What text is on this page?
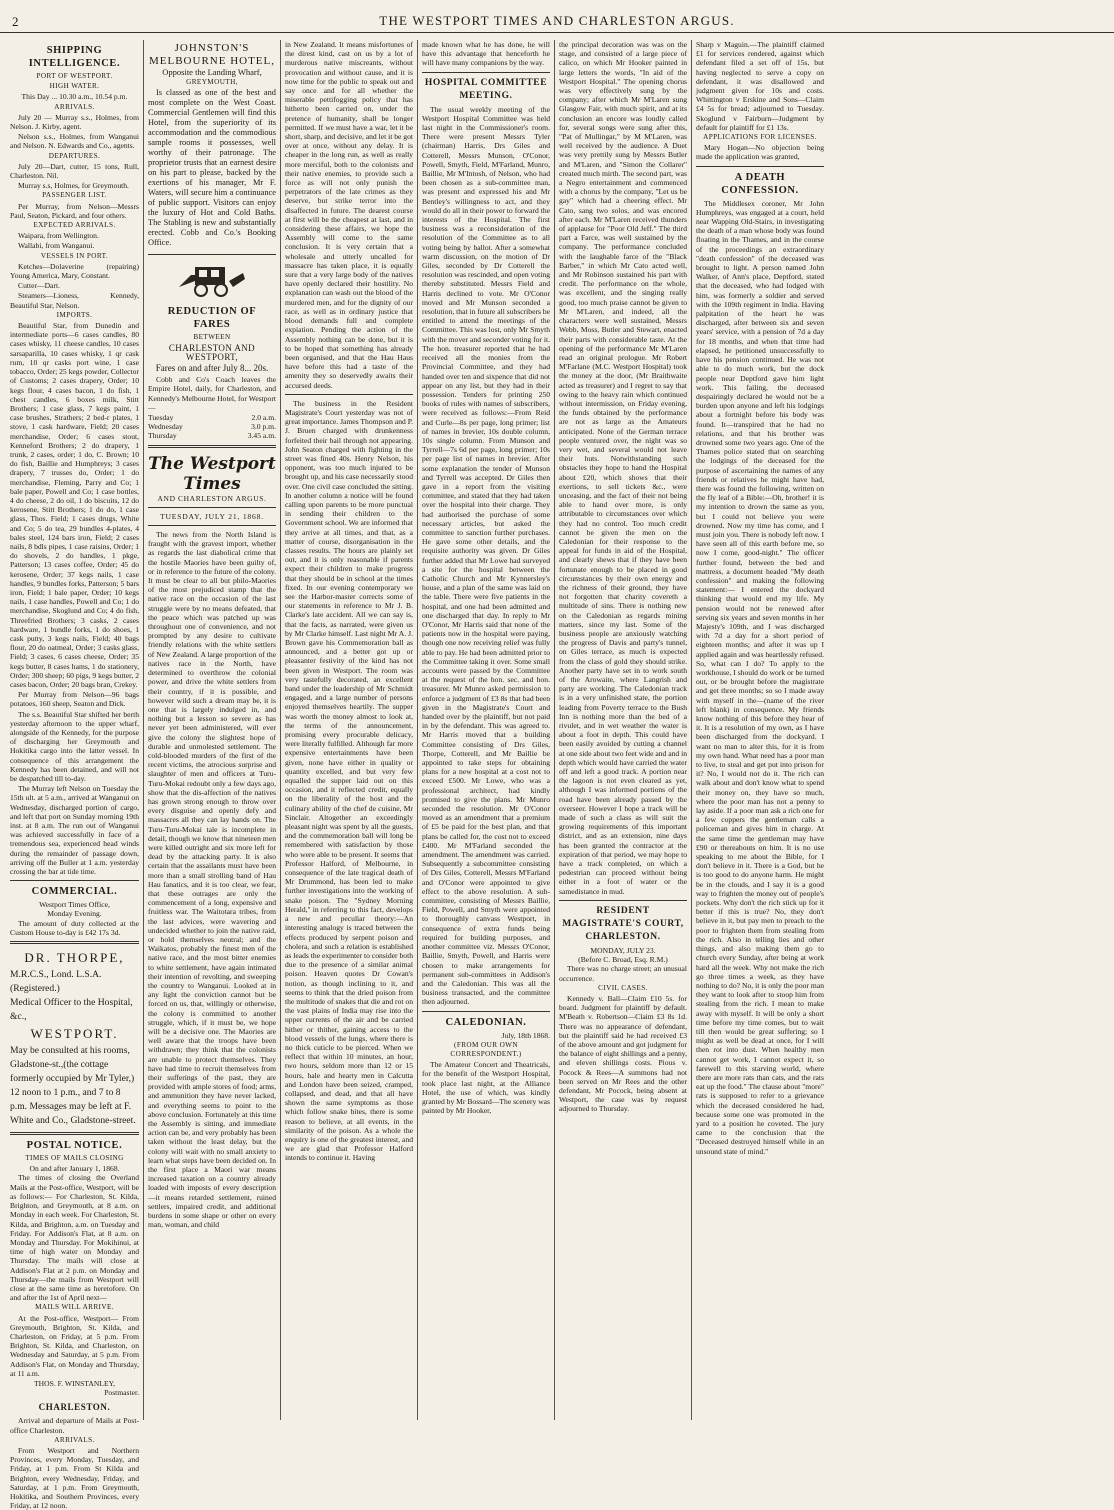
2	THE WESTPORT TIMES AND CHARLESTON ARGUS.
SHIPPING INTELLIGENCE.
PORT OF WESTPORT.
HIGH WATER.
This Day ... 10.30 a.m., 10.54 p.m.
ARRIVALS.

July 20 — Murray s.s., Holmes, from Nelson. J. Kirby, agent.

Nelson s.s., Holmes, from Wanganui and Nelson. N. Edwards and Co., agents.

DEPARTURES.

July 20—Dart, cutter, 15 tons, Rull, Charleston. Nil.

Murray s.s, Holmes, for Greymouth.

PASSENGER LIST.

Per Murray, from Nelson—Messrs Paul, Seaton, Pickard, and four others.

EXPECTED ARRIVALS.

Waipara, from Wellington.

Wallabi, from Wanganui.

VESSELS IN PORT.

Ketches—Dolaverine (repairing) Young America, Mary, Constant.

Cutter—Dart.

Steamers—Lioness, Kennedy, Beautiful Star, Nelson.

IMPORTS.

Beautiful Star, from Dunedin and intermediate ports—6 cases candles, 80 cases whisky, 11 cheese candles, 10 cases sarsaparilla, 10 cases whisky, 1 qr cask rum, 10 qr casks port wine, 1 case tobacco, Order; 25 kegs powder, Collector of Customs; 2 cases drapery, Order; 10 kegs flour, 4 cases bacon, 1 do fish, 1 chest candles, 6 boxes milk, Stitt Brothers; 1 case glass, 7 kegs paint, 1 case brushes, Strathers; 2 bed-r plates, 1 stove, 1 cask hardware, Field; 20 cases merchandise, Order; 6 cases stout, Kenneford Brothers; 2 do drapery, 1 trunk, 2 cases, order; 1 do, C. Brown; 10 do fish, Baillie and Humphreys; 3 cases drapery, 7 trusses do, Order; 1 do merchandise, Fleming, Parry and Co; 1 bale paper, Powell and Co; 1 case bottles, 4 do cheese, 2 do oil, 1 do biscuits, 12 do kerosene, Stitt Brothers; 1 do do, 1 case glass, Thos. Field; 1 cases drugs, White and Co; 5 do tea, 29 bundles 4-plates, 4 bales steel, 124 bars iron, Field; 2 cases nails, 8 bdls pipes, 1 case raisins, Order; 1 do shovels, 2 do handles, 1 pkge, Patterson; 13 cases coffee, Order; 45 do kerosene, Order; 37 kegs nails, 1 case handles, 9 bundles forks, Patterson; 5 bars iron, Field; 1 bale paper, Order; 10 kegs nails, 1 case handles, Powell and Co; 1 do merchandise, Skoglund and Co; 4 do fish, Threefried Brothers; 3 casks, 2 cases hardware, 1 bundle forks, 1 do shoes, 1 cask putty, 3 kegs nails, Field; 40 bags flour, 20 do oatmeal, Order; 3 casks glass, Field; 3 cases, 6 cases cheese, Order; 35 kegs butter, 8 cases hams, 1 do stationery, Order; 300 sheep; 60 pigs, 9 kegs butter, 2 cases bacon, Order; 20 bags bran, Crekey.

Per Murray from Nelson—96 bags potatoes, 160 sheep, Seaton and Dick.

The s.s. Beautiful Star shifted her berth yesterday afternoon to the upper wharf, alongside of the Kennedy, for the purpose of discharging her Greymouth and Hokitika cargo into the latter vessel. In consequence of this arrangement the Kennedy has been detained, and will not be despatched till to-day.

The Murray left Nelson on Tuesday the 15th ult. at 5 a.m., arrived at Wanganui on Wednesday, discharged portion of cargo, and left that port on Sunday morning 19th inst. at 8 a.m. The run out of Wanganui was achieved successfully in face of a tremendous sea, experienced head winds during the remainder of passage down, arriving off the Buller at 1 a.m. yesterday crossing the bar at tide time.

COMMERCIAL.
Westport Times Office,
Monday Evening.

The amount of duty collected at the Custom House to-day is £42 17s 3d.

DR. THORPE,
M.R.C.S., Lond. L.S.A. (Registered.)
Medical Officer to the Hospital, &c.,
WESTPORT.
May be consulted at his rooms, Gladstone-st.,(the cottage formerly occupied by Mr Tyler,) 12 noon to 1 p.m., and 7 to 8 p.m. Messages may be left at F. White and Co., Gladstone-street.
POSTAL NOTICE.
TIMES OF MAILS CLOSING
On and after January 1, 1868.

The times of closing the Overland Mails at the Post-office, Westport, will be as follows:— For Charleston, St. Kilda, Brighton, and Greymouth, at 8 a.m. on Monday in each week. For Charleston, St. Kilda, and Brighton, a.m. on Tuesday and Friday. For Addison's Flat, at 8 a.m. on Monday and Thursday. For Mokihinui, at time of high water on Monday and Thursday. The mails will close at Addison's Flat at 2 p.m. on Monday and Thursday—the mails from Westport will close at the same time as heretofore. On and after the 1st of April next—

MAILS WILL ARRIVE.

At the Post-office, Westport— From Greymouth, Brighton, St. Kilda, and Charleston, on Friday, at 5 p.m. From Brighton, St. Kilda, and Charleston, on Wednesday and Saturday, at 5 p.m. From Addison's Flat, on Monday and Thursday, at 11 a.m.

THOS. F. WINSTANLEY,
Postmaster.
CHARLESTON.

Arrival and departure of Mails at Post-office Charleston.

ARRIVALS.

From Westport and Northern Provinces, every Monday, Tuesday, and Friday, at 1 p.m. From St Kilda and Brighton, every Wednesday, Friday, and Saturday, at 1 p.m. From Greymouth, Hokitika, and Southern Provinces, every Friday, at 12 noon.

JOHNSTON'S MELBOURNE HOTEL,
Opposite the Landing Wharf,
GREYMOUTH,

Is classed as one of the best and most complete on the West Coast. Commercial Gentlemen will find this Hotel, from the superiority of its accommodation and the commodious sample rooms it possesses, well worthy of their patronage. The proprietor trusts that an earnest desire on his part to please, backed by the exertions of his manager, Mr F. Waters, will secure him a continuance of public support. Visitors can enjoy the luxury of Hot and Cold Baths. The Stabling is new and substantially erected. Cobb and Co.'s Booking Office.

REDUCTION OF FARES
BETWEEN
CHARLESTON AND WESTPORT,
Fares on and after July 8... 20s.

Cobb and Co's Coach leaves the Empire Hotel, daily, for Charleston, and Kennedy's Melbourne Hotel, for Westport—

Tuesday	2.0 a.m.
Wednesday	3.0 p.m.
Thursday	3.45 a.m.
The Westport Times
AND CHARLESTON ARGUS.
TUESDAY, JULY 21, 1868.

The news from the North Island is fraught with the gravest import, whether as regards the last diabolical crime that the hostile Maories have been guilty of, or in reference to the future of the colony. It must be clear to all but philo-Maories of the most prejudiced stamp that the native race on the occasion of the last struggle were by no means defeated, that the peace which was patched up was throughout one of convenience, and not prompted by any desire to cultivate friendly relations with the white settlers of New Zealand. A large proportion of the natives race in the North, have determined to overthrow the colonial power, and drive the white settlers from their country, if it is possible, and however wild such a dream may be, it is one that is largely indulged in, and nothing but a lesson so severe as has never yet been administered, will ever give the colony the slightest hope of durable and unmolested settlement. The cold-blooded murders of the first of the recent victims, the atrocious surprise and slaughter of men and officers at Turu-Turu-Mokai redoubt only a few days ago, show that the dis-affection of the natives has grown strong enough to throw over every disguise and openly defy and massacres all they can lay hands on. The Turu-Turu-Mokai tale is incomplete in detail, though we know that nineteen men were killed outright and six more left for dead by the attacking party. It is also certain that the assailants must have been more than a small strolling band of Hau Hau fanatics, and it is too clear, we fear, that these outrages are only the commencement of a long, expensive and fruitless war. The Waitotara tribes, from the last advices, were wavering and undecided whether to join the native raid, or hold themselves neutral; and the Waikatos, probably the finest men of the native race, and the most bitter enemies to white settlement, have again intimated their intention of revolting, and sweeping the country to Wanganui. Looked at in any light the conviction cannot but be forced on us, that, willingly or otherwise, the colony is committed to another struggle, which, if it must be, we hope will be a decisive one. The Maories are well aware that the troops have been withdrawn; they think that the colonists are unable to protect themselves. They have had time to recruit themselves from their sufferings of the past, they are provided with ample stores of food; arms, and ammunition they have never lacked, and everything seems to point to the above conclusion. Fortunately at this time the Assembly is sitting, and immediate action can be, and very probably has been taken without the least delay, but the colony will wait with no small anxiety to learn what steps have been decided on. In the first place a Maori war means increased taxation on a country already loaded with imposts of every description—it means retarded settlement, ruined settlers, impaired credit, and additional burdens in some shape or other on every man, woman, and child

in New Zealand. It means misfortunes of the direst kind, cast on us by a lot of murderous native miscreants, without provocation and without cause, and it is now time for the public to speak out and say once and for all whether the miserable pettifogging policy that has hitherto been carried on, under the pretence of humanity, shall be longer permitted. If we must have a war, let it be short, sharp, and decisive, and let it be got over at once, without any delay. It is cheaper in the long run, as well as really more merciful, both to the colonists and their native enemies, to provide such a force as will not only punish the perpetrators of the late crimes as they deserve, but strike terror into the disaffected in future. The dearest course at first will be the cheapest at last, and in considering these affairs, we hope the Assembly will come to the same conclusion. It is very certain that a wholesale and utterly uncalled for massacre has taken place, it is equally sure that a very large body of the natives have openly declared their hostility. No explanation can wash out the blood of the murdered men, and for the dignity of our race, as well as in ordinary justice that blood demands full and complete expiation. Pending the action of the Assembly nothing can be done, but it is to be hoped that something has already been organised, and that the Hau Haus have before this had a taste of the amenity they so deservedly awaits their accursed deeds.

The business in the Resident Magistrate's Court yesterday was not of great importance. James Thompson and P. J. Bruen charged with drunkenness forfeited their bail through not appearing. John Seaton charged with fighting in the street was fined 40s. Henry Nelson, his opponent, was too much injured to be brought up, and his case necessarily stood over. One civil case concluded the sitting. In another column a notice will be found calling upon parents to be more punctual in sending their children to the Government school. We are informed that they arrive at all times, and that, as a matter of course, disorganisation in the classes results. The hours are plainly set out, and it is only reasonable if parents expect their children to make progress that they should be in school at the times fixed. In our evening contemporary we see the Harbor-master corrects some of our statements in reference to Mr J. B. Clarke's late accident. All we can say is, that the facts, as narrated, were given us by Mr Clarke himself. Last night Mr A. J. Brown gave his Commemoration ball as announced, and a better got up or pleasanter festivity of the kind has not been given in Westport. The room was very tastefully decorated, an excellent band under the leadership of Mr Schmidt engaged, and a large number of persons enjoyed themselves heartily. The supper was worth the money almost to look at, the terms of the announcement, promising every procurable delicacy, were literally fulfilled. Although far more expensive entertainments have been given, none have either in quality or quantity excelled, and but very few equalled the supper laid out on this occasion, and it reflected credit, equally on the liberality of the host and the culinary ability of the chef de cuisine, Mr Sinclair. Altogether an exceedingly pleasant night was spent by all the guests, and the commemoration ball will long be remembered with satisfaction by those who were able to be present. It seems that Professor Halford, of Melbourne, in consequence of the late tragical death of Mr Drummond, has been led to make further investigations into the working of snake poison. The "Sydney Morning Herald," in referring to this fact, develops a new and peculiar theory:—An interesting analogy is traced between the effects produced by serpent poison and cholera, and such a relation is established as leads the experimenter to consider both due to the presence of a similar animal poison. Heaven quotes Dr Cowan's notion, as though inclining to it, and seems to think that the dried poison from the multitude of snakes that die and rot on the vast plains of India may rise into the upper currents of the air and be carried hither or thither, gaining access to the blood vessels of the lungs, where there is no thick cuticle to be pierced. When we reflect that within 10 minutes, an hour, two hours, seldom more than 12 or 15 hours, hale and hearty men in Calcutta and London have been seized, cramped, collapsed, and dead, and that all have shown the same symptoms as those which follow snake bites, there is some reason to believe, at all events, in the similarity of the poison. As a whole the enquiry is one of the greatest interest, and we are glad that Professor Halford intends to continue it. Having

made known what he has done, he will have this advantage that henceforth he will have many companions by the way.

HOSPITAL COMMITTEE MEETING.

The usual weekly meeting of the Westport Hospital Committee was held last night in the Commissioner's room. There were present Messrs Tyler (chairman) Harris, Drs Giles and Cotterell, Messrs Munson, O'Conor, Powell, Smyth, Field, M'Farland, Munro, Baillie, Mr M'Intosh, of Nelson, who had been chosen as a sub-committee man, was present and expressed his and Mr Bentley's willingness to act, and they would do all in their power to forward the interests of the Hospital. The first business was a reconsideration of the resolution of the Committee as to all voting being by ballot. After a somewhat warm discussion, on the motion of Dr Giles, seconded by Dr Cotterell the resolution was rescinded, and open voting thereby substituted. Messrs Field and Harris declined to vote. Mr O'Conor moved and Mr Munson seconded a resolution, that in future all subscribers be entitled to attend the meetings of the Committee. This was lost, only Mr Smyth with the mover and seconder voting for it. The hon. treasurer reported that he had received all the monies from the Provincial Committee, and they had handed over ten and sixpence that did not appear on any list, but they had in their possession. Tenders for printing 250 books of rules with names of subscribers, were received as follows:—From Reid and Curle—8s per page, long primer; list of names in brevier, 10s double column, 10s single column. From Munson and Tyrrell—7s 6d per page, long primer; 10s per page list of names in brevier. After some explanation the tender of Munson and Tyrrell was accepted. Dr Giles then gave in a report from the visiting committee, and stated that they had taken over the hospital into their charge. They had authorised the purchase of some necessary articles, but asked the committee to sanction further purchases. He gave some other details, and the requisite authority was given. Dr Giles further added that Mr Lowe had surveyed a site for the hospital between the Catholic Church and Mr Kynnersley's house, and a plan of the same was laid on the table. There were five patients in the hospital, and one had been admitted and one discharged that day. In reply to Mr O'Conor, Mr Harris said that none of the patients now in the hospital were paying, though one now receiving relief was fully able to pay. He had been admitted prior to the Committee taking it over. Some small accounts were passed by the Committee at the request of the hon. sec. and hon. treasurer. Mr Munro asked permission to enforce a judgment of £3 8s that had been given in the Magistrate's Court and handed over by the plaintiff, but not paid in by the defendant. This was agreed to. Mr Harris moved that a building Committee consisting of Drs Giles, Thorpe, Cotterell, and Mr Baillie be appointed to take steps for obtaining plans for a new hospital at a cost not to exceed £500. Mr Lowe, who was a professional architect, had kindly promised to give the plans. Mr Munro seconded the resolution. Mr O'Conor moved as an amendment that a premium of £5 be paid for the best plan, and that plans be called for, the cost not to exceed £400. Mr M'Farland seconded the amendment. The amendment was carried. Subsequently a subcommittee consisting of Drs Giles, Cotterell, Messrs M'Farland and O'Conor were appointed to give effect to the above resolution. A sub-committee, consisting of Messrs Baillie, Field, Powell, and Smyth were appointed to thoroughly canvass Westport, in consequence of extra funds being required for building purposes, and another committee viz. Messrs O'Conor, Baillie, Smyth, Powell, and Harris were chosen to make arrangements for permanent sub-committees in Addison's and the Caledonian. This was all the business transacted, and the committee then adjourned.

CALEDONIAN.
July, 18th 1868.
(FROM OUR OWN CORRESPONDENT.)

The Amateur Concert and Theatricals, for the benefit of the Westport Hospital, took place last night, at the Alliance Hotel, the use of which, was kindly granted by Mr Bossard—The scenery was painted by Mr Hooker,

the principal decoration was was on the stage, and consisted of a large piece of calico, on which Mr Hooker painted in large letters the words, "In aid of the Westport Hospital." The opening chorus was very effectively sung by the company; after which Mr M'Laren sung Glasgow Fair, with much spirit, and at its conclusion an encore was loudly called for, several songs were sung after this, "Pat of Mullingar," by M M'Laren, was well received by the audience. A Duet was very prettily sung by Messrs Butler and M'Laren, and "Simon the Collarer" created much mirth. The second part, was a Negro entertainment and commenced with a chorus by the company, "Let us be gay" which had a cheering effect. Mr Cato, sang two solos, and was encored after each. Mr M'Laren received thunders of applause for "Poor Old Jeff." The third part a Farce, was well sustained by the company. The performance concluded with the laughable farce of the "Black Barber," in which Mr Cato acted well, and Mr Robinson sustained his part with credit. The performance on the whole, was excellent, and the singing really good, too much praise cannot be given to Mr M'Laren, and indeed, all the characters were well sustained, Messrs Webb, Moss, Butler and Stewart, enacted their parts with considerable taste. At the opening of the performance Mr M'Laren read an original prologue. Mr Robert M'Farlane (M.C. Westport Hospital) took the money at the door, (Mr Braithwaite acted as treasurer) and I regret to say that owing to the heavy rain which continued without intermission, on Friday evening, the funds obtained by the performance are not as large as the Amateurs anticipated. None of the German terrace people ventured over, the night was so very wet, and several would not leave their huts. Notwithstanding such obstacles they hope to hand the Hospital about £20, which shows that their exertions, to sell tickets &c., were unceasing, and the fact of their not being able to hand over more, is only attributable to circumstances over which they had no control. Too much credit cannot be given the men on the Caledonian for their response to the appeal for funds in aid of the Hospital, and clearly shews that if they have been fortunate enough to be placed in good circumstances by their own energy and the richness of their ground, they have not forgotten that charity covereth a multitude of sins. There is nothing new on the Caledonian as regards mining matters, since my last. Some of the business people are anxiously watching the progress of Davis and party's tunnel, on Giles terrace, as much is expected from the class of gold they should strike. Another party have set in to work south of the Arowaite, where Langrish and party are working. The Caledonian track is in a very unfinished state, the portion leading from Poverty terrace to the Bush Inn is nothing more than the bed of a rivulet, and in wet weather the water is about a foot in depth. This could have been easily avoided by cutting a channel at one side about two feet wide and and in depth which would have carried the water off and left a good track. A portion near the lagoon is not even cleared as yet, although I was informed portions of the road have been already passed by the overseer. However I hope a track will be made of such a class as will suit the growing requirements of this important district, and as an extension, nine days has been granted the contractor at the expiration of that period, we may hope to have a track completed, on which a pedestrian can proceed without being either in a foot of water or the samedistance in mud.

RESIDENT MAGISTRATE'S COURT, CHARLESTON.
MONDAY, JULY 23.
(Before C. Broad, Esq. R.M.)

There was no charge street; an unusual occurrence.

CIVIL CASES.

Kennedy v. Ball—Claim £10 5s. for board. Judgment for plaintiff by default. M'Beath v. Robertson—Claim £3 8s 1d. There was no appearance of defendant, but the plaintiff said he had received £3 of the above amount and got judgment for the balance of eight shillings and a penny, and eleven shillings costs. Pious v. Pocock & Rees—A summons had not been served on Mr Rees and the other defendant, Mr Pocock, being absent at Westport, the case was by request adjourned to Thursday.

Sharp v Maguin.—The plaintiff claimed £1 for services rendered, against which defendant filed a set off of 15s, but having neglected to serve a copy on defendant, it was disallowed and judgment given for 10s and costs. Whittington v Erskine and Sons—Claim £4 5s for bread; adjourned to Tuesday. Skoglund v Fairburn—Judgment by default for plaintiff for £1 13s.

APPLICATIONS FOR LICENSES.

Mary Hogan—No objection being made the application was granted,

A DEATH CONFESSION.

The Middlesex coroner, Mr John Humphreys, was engaged at a court, held near Wapping Old-Stairs, in investigating the death of a man whose body was found floating in the Thames, and in the course of the proceedings an extraordinary "death confession" of the deceased was brought to light. A person named John Walker, of Ann's place, Deptford, stated that the deceased, who had lodged with him, was formerly a soldier and served with the 109th regiment in India. Having palpitation of the heart he was discharged, after between six and seven years' service, with a pension of 7d a day for 18 months, and when that time had elapsed, he petitioned unsuccessfully to have his pension continued. He was not able to do much work, but the dock people near Deptford gave him light work. This failing, the deceased despairingly declared he would not be a burden upon anyone and left his lodgings about a fortnight before his body was found. It—transpired that he had no relations, and that his brother was drowned some two years ago. One of the Thames police stated that on searching the lodgings of the deceased for the purpose of ascertaining the names of any friends or relatives he might have had, there was found the following, written on the fly leaf of a Bible:—Oh, brother! it is my intention to drown the same as you, but I could not believe you were drowned. Now my time has come, and I must join you. There is nobody left now. I have seen all of this earth before me, so now I come, good-night." The officer further found, between the bed and mattress, a document headed "My death confession" and making the following statement:— I entered the dockyard thinking that would end my life. My pension would not be renewed after serving six years and seven months in her Majesty's 109th, and I was discharged with 7d a day for a short period of eighteen months; and after it was up I applied again and was heartlessly refused. So, what can I do? To apply to the workhouse, I should do work or be turned out, or be brought before the magistrate and get three months; so so I made away with myself in the—(name of the river left blank) in consequence. My friends know nothing of this before they hear of it. It is a resolution of my own, as I have been discharged from the dockyard. I want no man to alter this, for it is from my own hand. What need has a poor man to live, to steal and get put into prison for it? No, I would not do it. The rich can walk about and don't know what to spend their money on, they have so much, where the poor man has not a penny to lay aside. If a poor man ask a rich one for a few coppers the gentleman calls a policeman and gives him in charge. At the same time the gentleman may have £90 or thereabouts on him. It is no use speaking to me about the Bible, for I don't believe in it. There is a God, but he is too good to do anyone harm. He might be in the clouds, and I say it is a good way to frighten the money out of people's pockets. Why don't the rich stick up for it better if this is true? No, they don't believe in it, but pay men to preach to the poor to frighten them from stealing from the rich. Also in telling lies and other things, and also making them go to church every Sunday, after being at work hard all the week. Why not make the rich go three times a week, as they have nothing to do? No, it is only the poor man they want to look after to stoop him from stealing from the rich. I mean to make away with myself. It will be only a short time before my time comes, but to wait till then would be great suffering; so I might as well be dead at once, for I will then rot into dust. When healthy men cannot get work, I cannot expect it, so farewell to this starving world, where there are more rats than cats, and the rats eat up the food." The clause about "more" rats is supposed to refer to a grievance which the deceased considered he had, because some one was promoted in the yard to a position he coveted. The jury came to the conclusion that the "Deceased destroyed himself while in an unsound state of mind."
